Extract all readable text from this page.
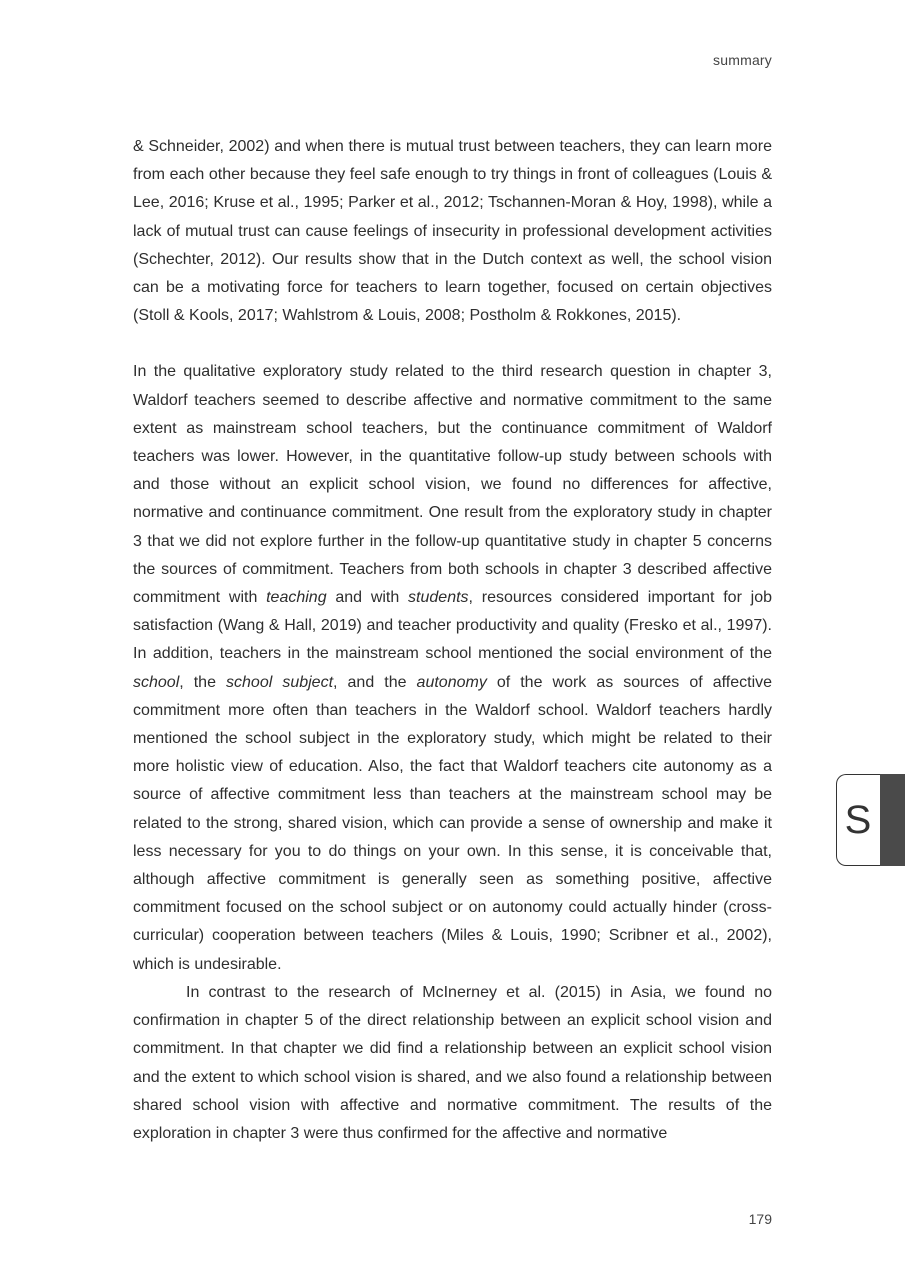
summary

& Schneider, 2002) and when there is mutual trust between teachers, they can learn more from each other because they feel safe enough to try things in front of colleagues (Louis & Lee, 2016; Kruse et al., 1995; Parker et al., 2012; Tschannen-Moran & Hoy, 1998), while a lack of mutual trust can cause feelings of insecurity in professional development activities (Schechter, 2012). Our results show that in the Dutch context as well, the school vision can be a motivating force for teachers to learn together, focused on certain objectives (Stoll & Kools, 2017; Wahlstrom & Louis, 2008; Postholm & Rokkones, 2015).

In the qualitative exploratory study related to the third research question in chapter 3, Waldorf teachers seemed to describe affective and normative commitment to the same extent as mainstream school teachers, but the continuance commitment of Waldorf teachers was lower. However, in the quantitative follow-up study between schools with and those without an explicit school vision, we found no differences for affective, normative and continuance commitment. One result from the exploratory study in chapter 3 that we did not explore further in the follow-up quantitative study in chapter 5 concerns the sources of commitment. Teachers from both schools in chapter 3 described affective commitment with teaching and with students, resources considered important for job satisfaction (Wang & Hall, 2019) and teacher productivity and quality (Fresko et al., 1997). In addition, teachers in the mainstream school mentioned the social environment of the school, the school subject, and the autonomy of the work as sources of affective commitment more often than teachers in the Waldorf school. Waldorf teachers hardly mentioned the school subject in the exploratory study, which might be related to their more holistic view of education. Also, the fact that Waldorf teachers cite autonomy as a source of affective commitment less than teachers at the mainstream school may be related to the strong, shared vision, which can provide a sense of ownership and make it less necessary for you to do things on your own. In this sense, it is conceivable that, although affective commitment is generally seen as something positive, affective commitment focused on the school subject or on autonomy could actually hinder (cross-curricular) cooperation between teachers (Miles & Louis, 1990; Scribner et al., 2002), which is undesirable.

In contrast to the research of McInerney et al. (2015) in Asia, we found no confirmation in chapter 5 of the direct relationship between an explicit school vision and commitment. In that chapter we did find a relationship between an explicit school vision and the extent to which school vision is shared, and we also found a relationship between shared school vision with affective and normative commitment. The results of the exploration in chapter 3 were thus confirmed for the affective and normative

S
179
